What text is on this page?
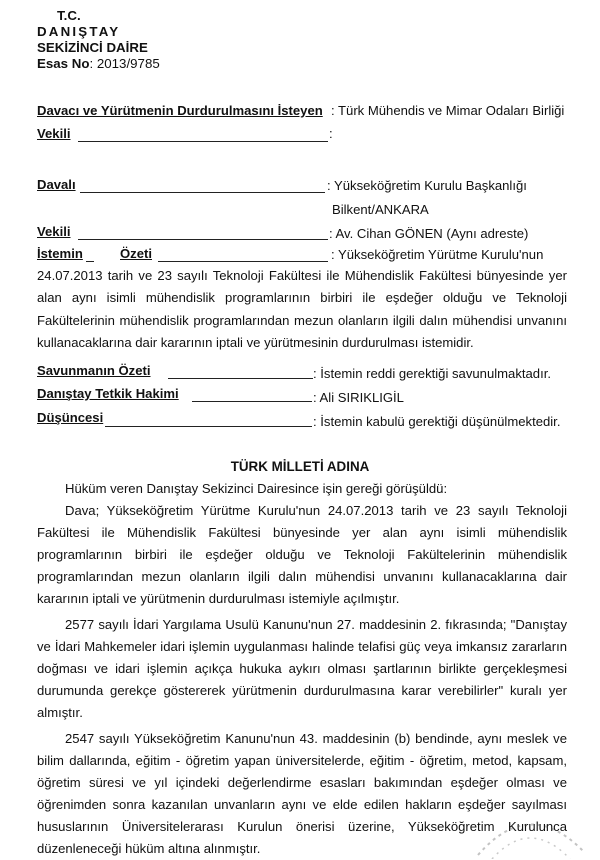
T.C.
DANIŞTAY
SEKİZİNCİ DAİRE
Esas No: 2013/9785
Davacı ve Yürütmenin Durdurulmasını İsteyen : Türk Mühendis ve Mimar Odaları Birliği
Vekili	:
Davalı	: Yükseköğretim Kurulu Başkanlığı
Bilkent/ANKARA
Vekili	: Av. Cihan GÖNEN (Aynı adreste)
İstemin	Özeti	: Yükseköğretim Yürütme Kurulu'nun
24.07.2013 tarih ve 23 sayılı Teknoloji Fakültesi ile Mühendislik Fakültesi bünyesinde yer alan aynı isimli mühendislik programlarının birbiri ile eşdeğer olduğu ve Teknoloji Fakültelerinin mühendislik programlarından mezun olanların ilgili dalın mühendisi unvanını kullanacaklarına dair kararının iptali ve yürütmesinin durdurulması istemidir.
Savunmanın Özeti	: İstemin reddi gerektiği savunulmaktadır.
Danıştay Tetkik Hakimi	: Ali SIRIKLIGİL
Düşüncesi	: İstemin kabulü gerektiği düşünülmektedir.
TÜRK MİLLETİ ADINA

Hüküm veren Danıştay Sekizinci Dairesince işin gereği görüşüldü:

Dava; Yükseköğretim Yürütme Kurulu'nun 24.07.2013 tarih ve 23 sayılı Teknoloji Fakültesi ile Mühendislik Fakültesi bünyesinde yer alan aynı isimli mühendislik programlarının birbiri ile eşdeğer olduğu ve Teknoloji Fakültelerinin mühendislik programlarından mezun olanların ilgili dalın mühendisi unvanını kullanacaklarına dair kararının iptali ve yürütmenin durdurulması istemiyle açılmıştır.

2577 sayılı İdari Yargılama Usulü Kanunu'nun 27. maddesinin 2. fıkrasında; "Danıştay ve İdari Mahkemeler idari işlemin uygulanması halinde telafisi güç veya imkansız zararların doğması ve idari işlemin açıkça hukuka aykırı olması şartlarının birlikte gerçekleşmesi durumunda gerekçe göstererek yürütmenin durdurulmasına karar verebilirler" kuralı yer almıştır.

2547 sayılı Yükseköğretim Kanunu'nun 43. maddesinin (b) bendinde, aynı meslek ve bilim dallarında, eğitim - öğretim yapan üniversitelerde, eğitim - öğretim, metod, kapsam, öğretim süresi ve yıl içindeki değerlendirme esasları bakımından eşdeğer olması ve öğrenimden sonra kazanılan unvanların aynı ve elde edilen hakların eşdeğer sayılması hususlarının Üniversitelerarası Kurulun önerisi üzerine, Yükseköğretim Kurulunca düzenleneceği hüküm altına alınmıştır.
